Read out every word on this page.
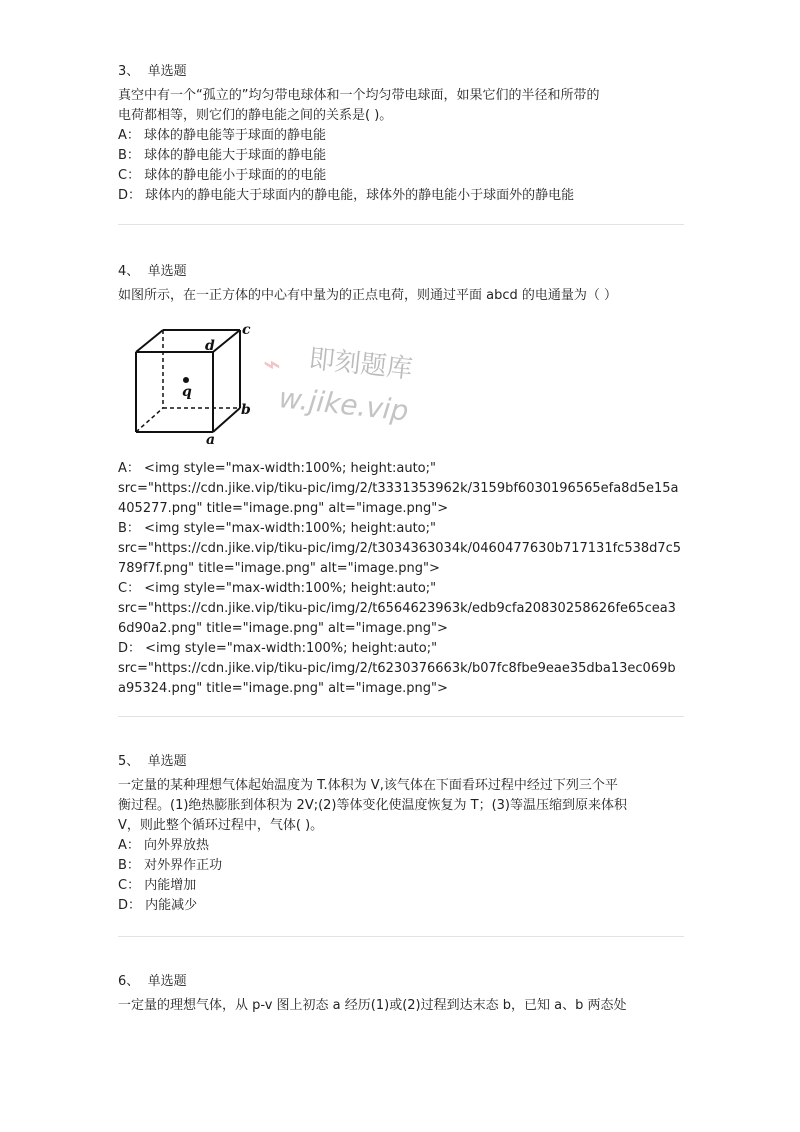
3、 单选题
真空中有一个“孤立的”均匀带电球体和一个均匀带电球面，如果它们的半径和所带的
电荷都相等，则它们的静电能之间的关系是( )。
A： 球体的静电能等于球面的静电能
B： 球体的静电能大于球面的静电能
C： 球体的静电能小于球面的的电能
D： 球体内的静电能大于球面内的静电能，球体外的静电能小于球面外的静电能
4、 单选题
如图所示，在一正方体的中心有中量为的正点电荷，则通过平面 abcd 的电通量为（ ）
即刻题库
w.jike.vip
⌁
c
d
q
b
a
A： <img style="max-width:100%; height:auto;"
src="https://cdn.jike.vip/tiku-pic/img/2/t3331353962k/3159bf6030196565efa8d5e15a
405277.png" title="image.png" alt="image.png">
B： <img style="max-width:100%; height:auto;"
src="https://cdn.jike.vip/tiku-pic/img/2/t3034363034k/0460477630b717131fc538d7c5
789f7f.png" title="image.png" alt="image.png">
C： <img style="max-width:100%; height:auto;"
src="https://cdn.jike.vip/tiku-pic/img/2/t6564623963k/edb9cfa20830258626fe65cea3
6d90a2.png" title="image.png" alt="image.png">
D： <img style="max-width:100%; height:auto;"
src="https://cdn.jike.vip/tiku-pic/img/2/t6230376663k/b07fc8fbe9eae35dba13ec069b
a95324.png" title="image.png" alt="image.png">
5、 单选题
一定量的某种理想气体起始温度为 T.体积为 V,该气体在下面看环过程中经过下列三个平
衡过程。(1)绝热膨胀到体积为 2V;(2)等体变化使温度恢复为 T；(3)等温压缩到原来体积
V，则此整个循环过程中，气体( )。
A： 向外界放热
B： 对外界作正功
C： 内能增加
D： 内能减少
6、 单选题
一定量的理想气体，从 p-v 图上初态 a 经历(1)或(2)过程到达末态 b，已知 a、b 两态处
